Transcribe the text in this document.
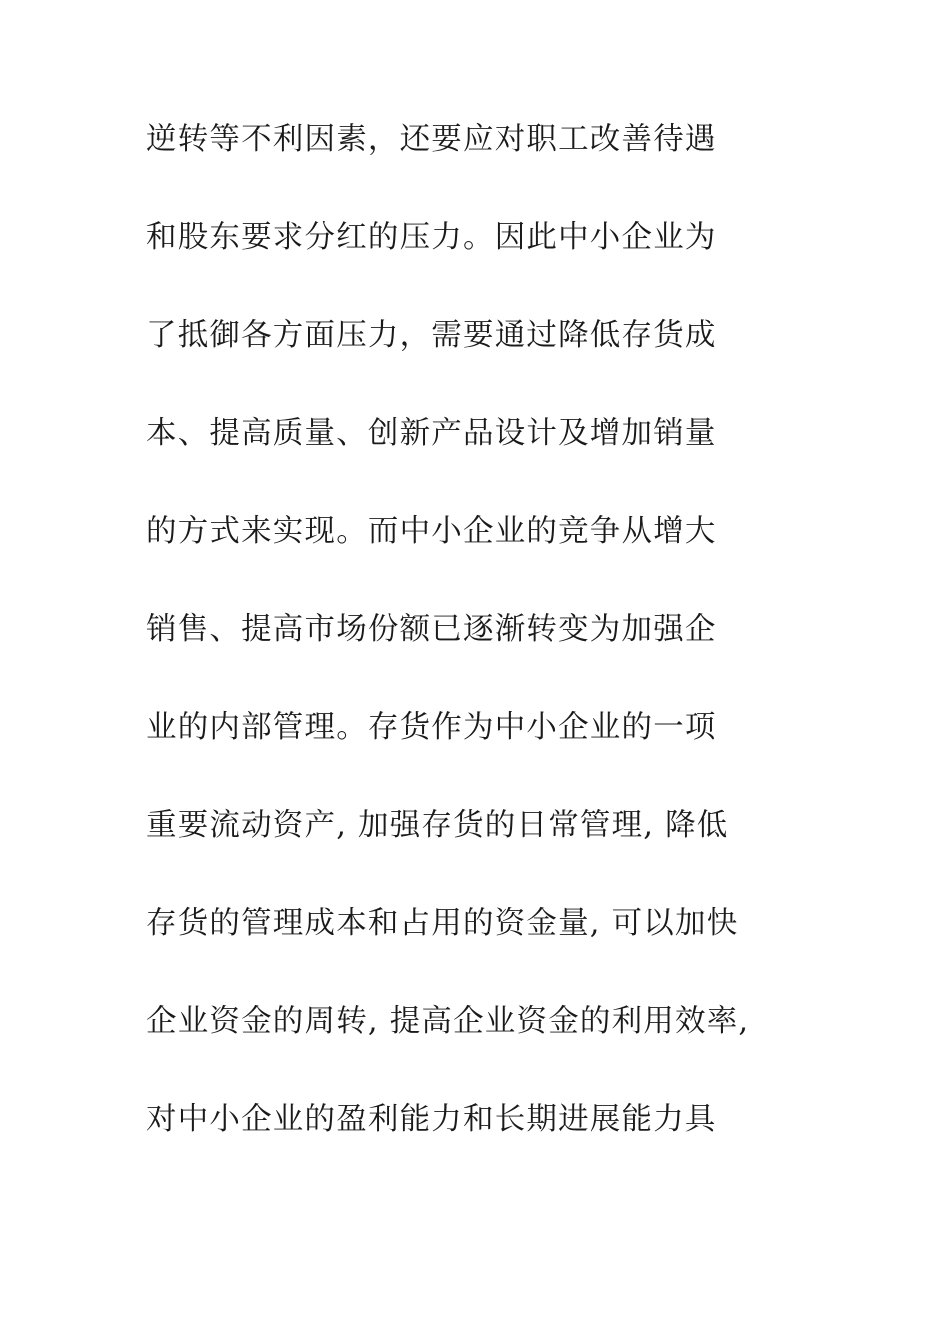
逆转等不利因素，还要应对职工改善待遇
和股东要求分红的压力。因此中小企业为
了抵御各方面压力，需要通过降低存货成
本、提高质量、创新产品设计及增加销量
的方式来实现。而中小企业的竞争从增大
销售、提高市场份额已逐渐转变为加强企
业的内部管理。存货作为中小企业的一项
重要流动资产, 加强存货的日常管理, 降低
存货的管理成本和占用的资金量, 可以加快
企业资金的周转, 提高企业资金的利用效率,
对中小企业的盈利能力和长期进展能力具
